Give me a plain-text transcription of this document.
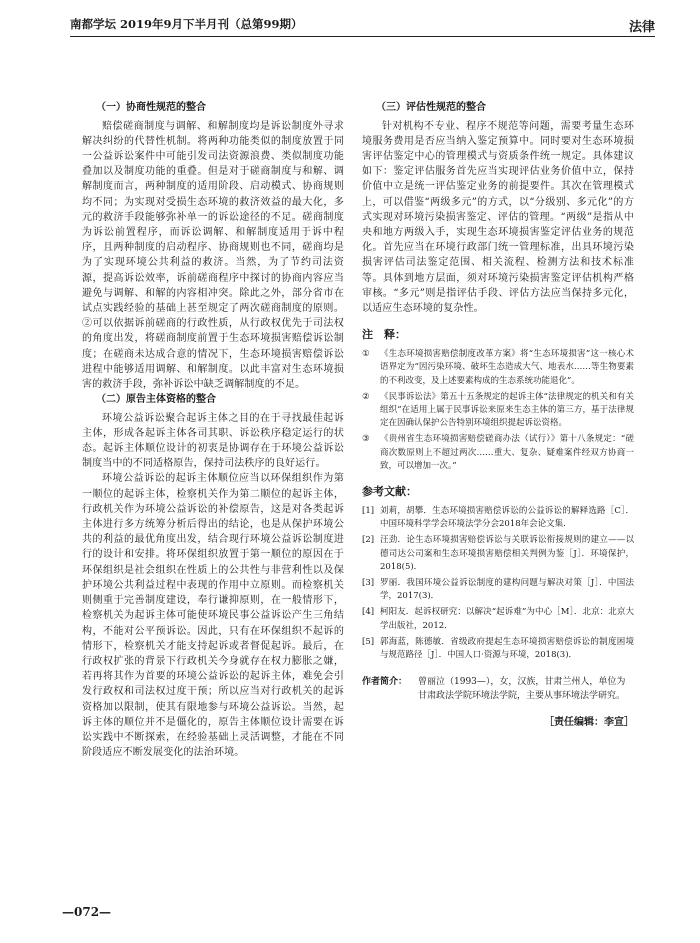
南都学坛 2019年9月下半月刊（总第99期）	法律
（一）协商性规范的整合

赔偿磋商制度与调解、和解制度均是诉讼制度外寻求解决纠纷的代替性机制。将两种功能类似的制度放置于同一公益诉讼案件中可能引发司法资源浪费、类似制度功能叠加以及制度功能的重叠。但是对于磋商制度与和解、调解制度而言，两种制度的适用阶段、启动模式、协商规则均不同；为实现对受损生态环境的救济效益的最大化，多元的救济手段能够弥补单一的诉讼途径的不足。磋商制度为诉讼前置程序，而诉讼调解、和解制度适用于诉中程序，且两种制度的启动程序、协商规则也不同，磋商均是为了实现环境公共利益的救济。当然，为了节约司法资源，提高诉讼效率，诉前磋商程序中探讨的协商内容应当避免与调解、和解的内容相冲突。除此之外，部分省市在试点实践经验的基础上甚至规定了两次磋商制度的原则。②可以依据诉前磋商的行政性质，从行政权优先于司法权的角度出发，将磋商制度前置于生态环境损害赔偿诉讼制度；在磋商未达成合意的情况下，生态环境损害赔偿诉讼进程中能够适用调解、和解制度。以此丰富对生态环境损害的救济手段，弥补诉讼中缺乏调解制度的不足。

（二）原告主体资格的整合

环境公益诉讼聚合起诉主体之目的在于寻找最佳起诉主体，形成各起诉主体各司其职、诉讼秩序稳定运行的状态。起诉主体顺位设计的初衷是协调存在于环境公益诉讼制度当中的不同适格原告，保持司法秩序的良好运行。

环境公益诉讼的起诉主体顺位应当以环保组织作为第一顺位的起诉主体，检察机关作为第二顺位的起诉主体，行政机关作为环境公益诉讼的补偿原告，这是对各类起诉主体进行多方统筹分析后得出的结论，也是从保护环境公共的利益的最优角度出发，结合现行环境公益诉讼制度进行的设计和安排。将环保组织放置于第一顺位的原因在于环保组织是社会组织在性质上的公共性与非营利性以及保护环境公共利益过程中表现的作用中立原则。而检察机关则侧重于完善制度建设，奉行谦抑原则，在一般情形下，检察机关为起诉主体可能使环境民事公益诉讼产生三角结构，不能对公平预诉讼。因此，只有在环保组织不起诉的情形下，检察机关才能支持起诉或者督促起诉。最后，在行政权扩张的背景下行政机关今身就存在权力膨胀之嫌，若再将其作为首要的环境公益诉讼的起诉主体，难免会引发行政权和司法权过度干预；所以应当对行政机关的起诉资格加以限制，使其有限地参与环境公益诉讼。当然，起诉主体的顺位并不是僵化的，原告主体顺位设计需要在诉讼实践中不断探索，在经验基础上灵活调整，才能在不同阶段适应不断发展变化的法治环境。

（三）评估性规范的整合

针对机构不专业、程序不规范等问题，需要考量生态环境服务费用是否应当纳入鉴定预算中。同时要对生态环境损害评估鉴定中心的管理模式与资质条件统一规定。具体建议如下：鉴定评估服务首先应当实现评估业务价值中立，保持价值中立是统一评估鉴定业务的前提要件。其次在管理模式上，可以借鉴“两级多元”的方式，以“分级别、多元化”的方式实现对环境污染损害鉴定、评估的管理。“两级”是指从中央和地方两级入手，实现生态环境损害鉴定评估业务的规范化。首先应当在环境行政部门统一管理标准，出具环境污染损害评估司法鉴定范围、相关流程、检测方法和技术标准等。具体到地方层面，须对环境污染损害鉴定评估机构严格审核。“多元”则是指评估手段、评估方法应当保持多元化，以适应生态环境的复杂性。

注　释：
①	《生态环境损害赔偿制度改革方案》将“生态环境损害”这一核心术语界定为“因污染环境、破坏生态造成大气、地表水……等生物要素的不利改变，及上述要素构成的生态系统功能退化”。
②	《民事诉讼法》第五十五条规定的起诉主体“法律规定的机关和有关组织”在适用上属于民事诉讼来原来生态主体的第三方，基于法律规定在因确认保护公告特别环境组织提起诉讼资格。
③	《贵州省生态环境损害赔偿磋商办法（试行）》第十八条规定：“磋商次数原则上不超过两次……重大、复杂、疑难案件经双方协商一致，可以增加一次。”
参考文献：
[1] 刘莉，胡攀．生态环境损害赔偿诉讼的公益诉讼的解释选路［C］．中国环境科学学会环境法学分会2018年会论文集．
[2] 汪劲．论生态环境损害赔偿诉讼与关联诉讼衔接规则的建立——以德司达公司案和生态环境损害赔偿相关判例为鉴［J］．环境保护，2018(5)．
[3] 罗丽．我国环境公益诉讼制度的建构问题与解决对策［J］．中国法学，2017(3)．
[4] 柯阳友．起诉权研究：以解决“起诉难”为中心［M］．北京：北京大学出版社，2012．
[5] 郭海蓝，陈德敏．省级政府提起生态环境损害赔偿诉讼的制度困境与规范路径［J］．中国人口·资源与环境，2018(3)．
作者简介：	曾丽泣（1993—），女，汉族，甘肃兰州人，单位为甘肃政法学院环境法学院，主要从事环境法学研究。
［责任编辑：李宣］
—072—
